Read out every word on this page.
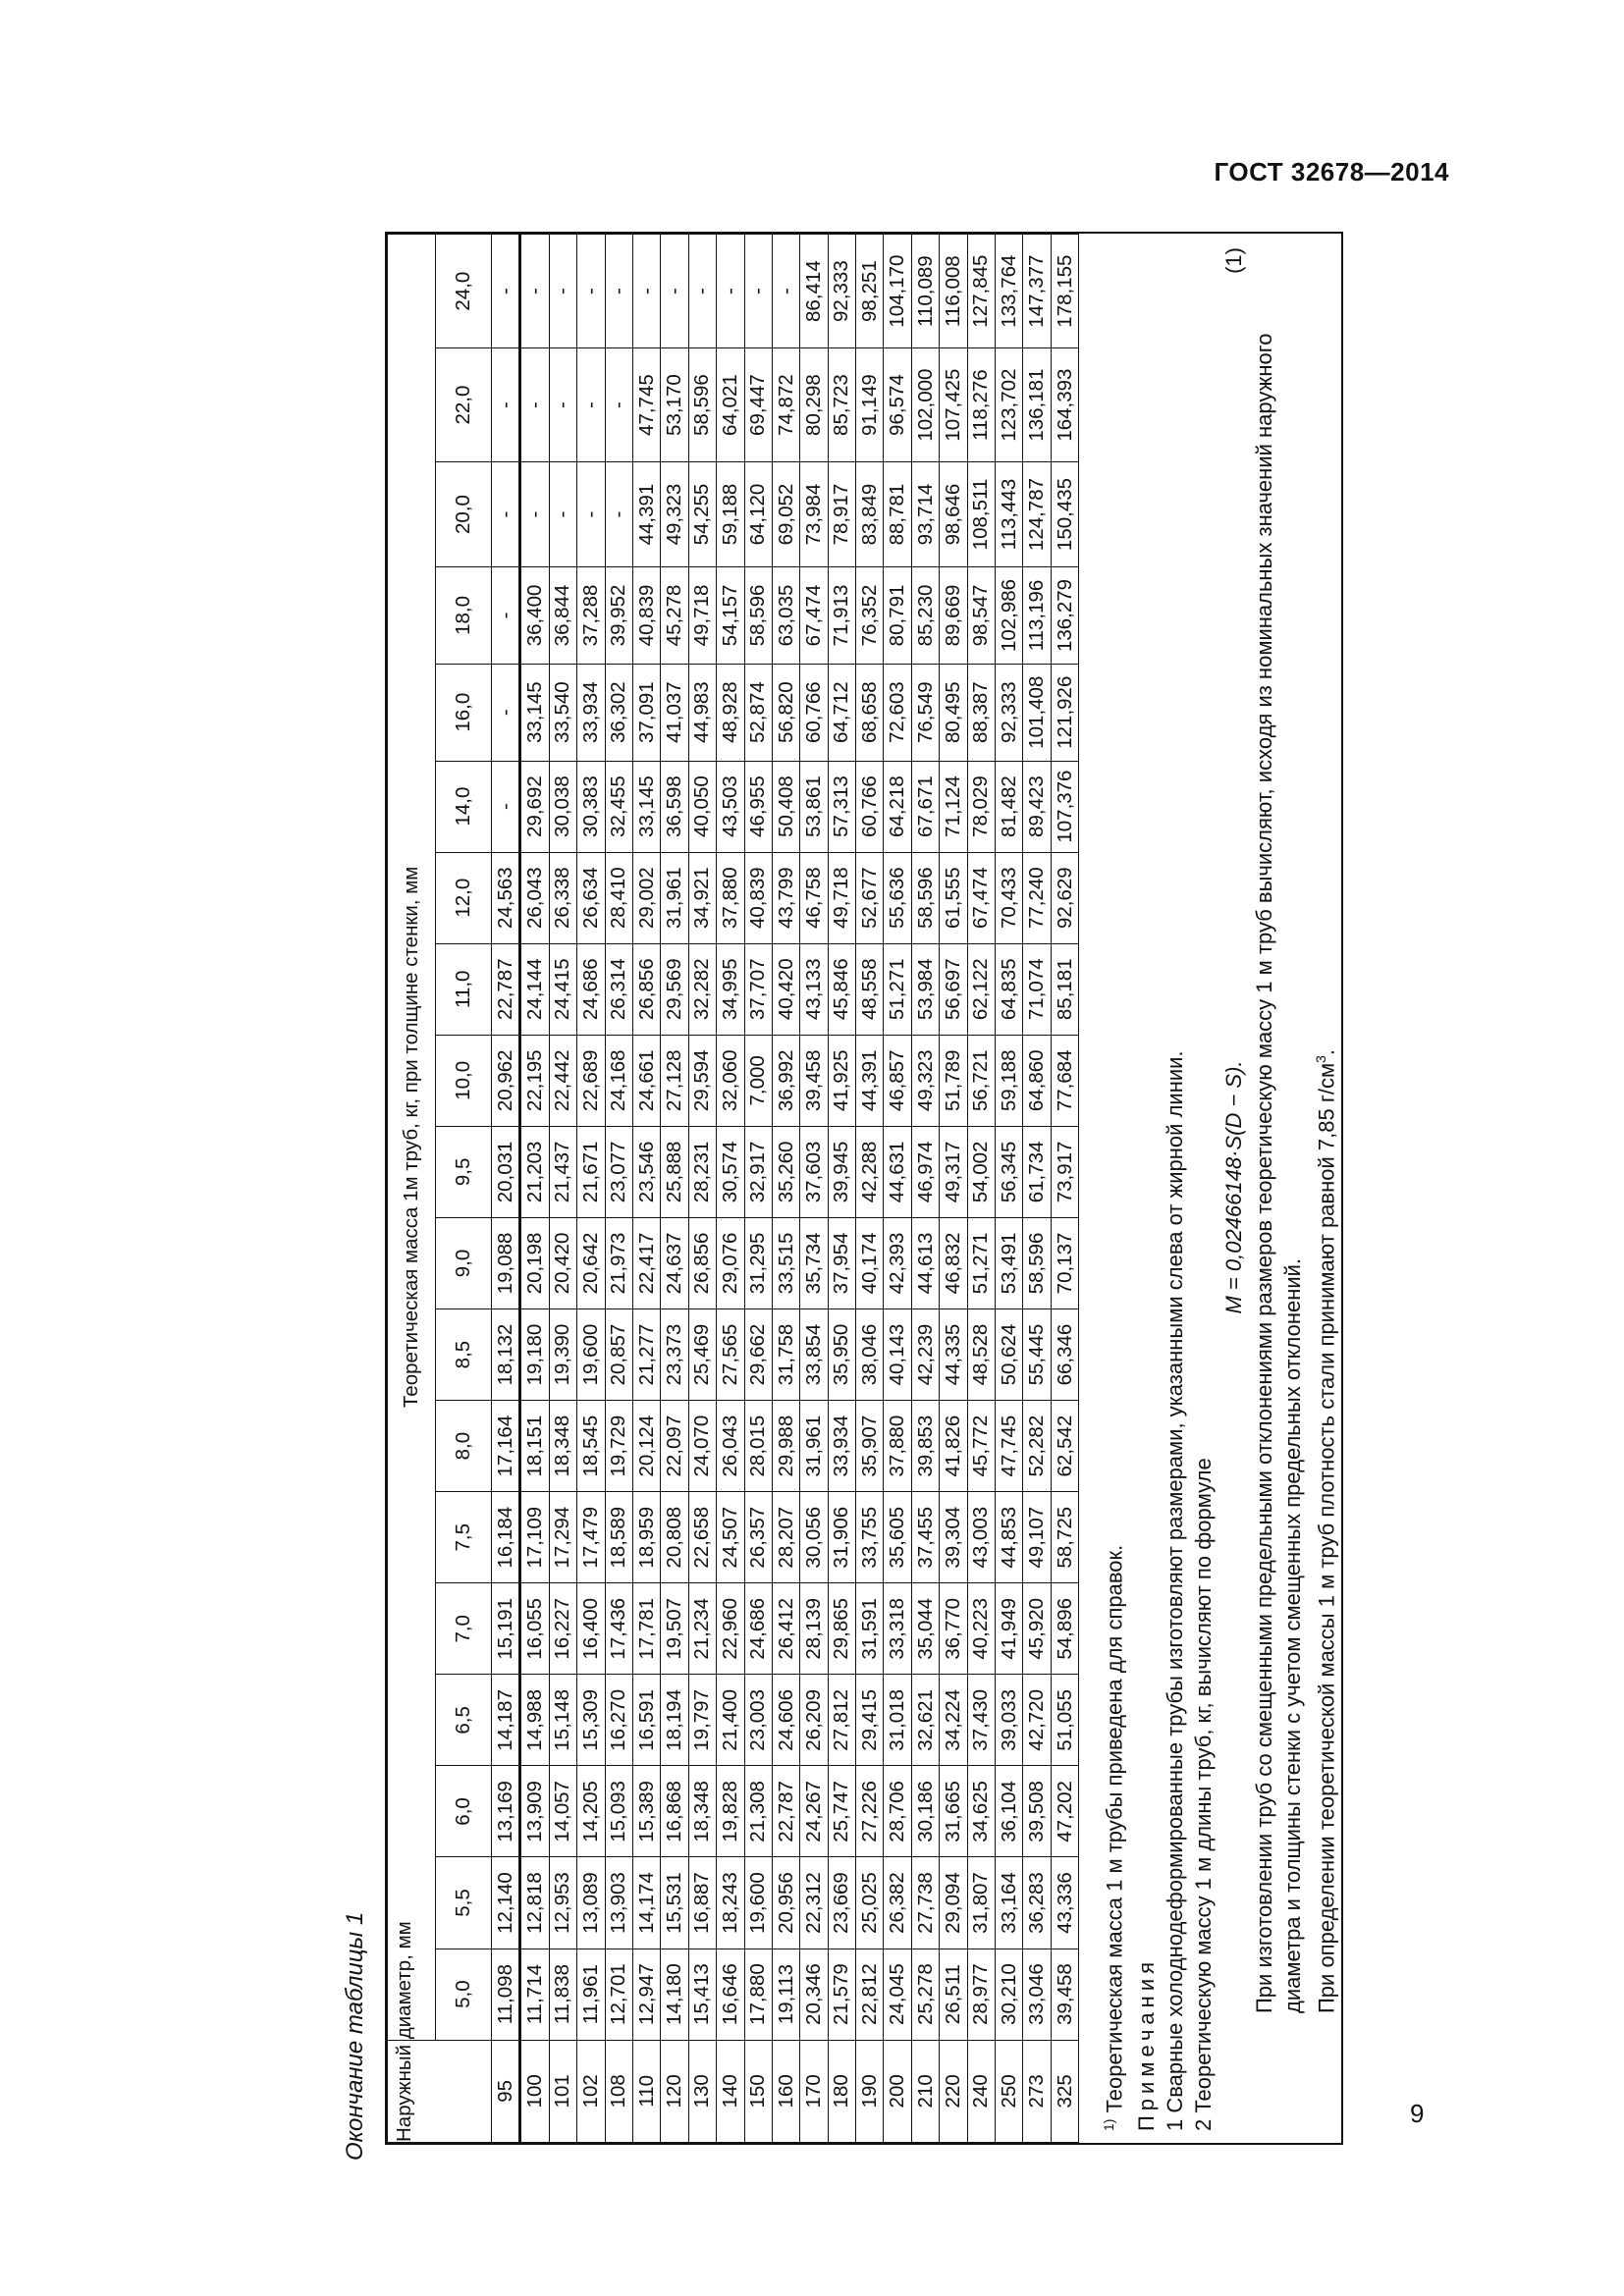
ГОСТ 32678—2014
Окончание таблицы 1	Наружный диаметр, мм	Теоретическая масса 1м труб, кг, при толщине стенки, мм																		
	5,0	5,5	6,0	6,5	7,0	7,5	8,0	8,5	9,0	9,5	10,0	11,0	12,0	14,0	16,0	18,0	20,0	22,0	24,0
95	11,098	12,140	13,169	14,187	15,191	16,184	17,164	18,132	19,088	20,031	20,962	22,787	24,563	-	-	-	-	-	-
100	11,714	12,818	13,909	14,988	16,055	17,109	18,151	19,180	20,198	21,203	22,195	24,144	26,043	29,692	33,145	36,400	-	-	-
101	11,838	12,953	14,057	15,148	16,227	17,294	18,348	19,390	20,420	21,437	22,442	24,415	26,338	30,038	33,540	36,844	-	-	-
102	11,961	13,089	14,205	15,309	16,400	17,479	18,545	19,600	20,642	21,671	22,689	24,686	26,634	30,383	33,934	37,288	-	-	-
108	12,701	13,903	15,093	16,270	17,436	18,589	19,729	20,857	21,973	23,077	24,168	26,314	28,410	32,455	36,302	39,952	-	-	-
110	12,947	14,174	15,389	16,591	17,781	18,959	20,124	21,277	22,417	23,546	24,661	26,856	29,002	33,145	37,091	40,839	44,391	47,745	-
120	14,180	15,531	16,868	18,194	19,507	20,808	22,097	23,373	24,637	25,888	27,128	29,569	31,961	36,598	41,037	45,278	49,323	53,170	-
130	15,413	16,887	18,348	19,797	21,234	22,658	24,070	25,469	26,856	28,231	29,594	32,282	34,921	40,050	44,983	49,718	54,255	58,596	-
140	16,646	18,243	19,828	21,400	22,960	24,507	26,043	27,565	29,076	30,574	32,060	34,995	37,880	43,503	48,928	54,157	59,188	64,021	-
150	17,880	19,600	21,308	23,003	24,686	26,357	28,015	29,662	31,295	32,917	7,000	37,707	40,839	46,955	52,874	58,596	64,120	69,447	-
160	19,113	20,956	22,787	24,606	26,412	28,207	29,988	31,758	33,515	35,260	36,992	40,420	43,799	50,408	56,820	63,035	69,052	74,872	-
170	20,346	22,312	24,267	26,209	28,139	30,056	31,961	33,854	35,734	37,603	39,458	43,133	46,758	53,861	60,766	67,474	73,984	80,298	86,414
180	21,579	23,669	25,747	27,812	29,865	31,906	33,934	35,950	37,954	39,945	41,925	45,846	49,718	57,313	64,712	71,913	78,917	85,723	92,333
190	22,812	25,025	27,226	29,415	31,591	33,755	35,907	38,046	40,174	42,288	44,391	48,558	52,677	60,766	68,658	76,352	83,849	91,149	98,251
200	24,045	26,382	28,706	31,018	33,318	35,605	37,880	40,143	42,393	44,631	46,857	51,271	55,636	64,218	72,603	80,791	88,781	96,574	104,170
210	25,278	27,738	30,186	32,621	35,044	37,455	39,853	42,239	44,613	46,974	49,323	53,984	58,596	67,671	76,549	85,230	93,714	102,000	110,089
220	26,511	29,094	31,665	34,224	36,770	39,304	41,826	44,335	46,832	49,317	51,789	56,697	61,555	71,124	80,495	89,669	98,646	107,425	116,008
240	28,977	31,807	34,625	37,430	40,223	43,003	45,772	48,528	51,271	54,002	56,721	62,122	67,474	78,029	88,387	98,547	108,511	118,276	127,845
250	30,210	33,164	36,104	39,033	41,949	44,853	47,745	50,624	53,491	56,345	59,188	64,835	70,433	81,482	92,333	102,986	113,443	123,702	133,764
273	33,046	36,283	39,508	42,720	45,920	49,107	52,282	55,445	58,596	61,734	64,860	71,074	77,240	89,423	101,408	113,196	124,787	136,181	147,377
325	39,458	43,336	47,202	51,055	54,896	58,725	62,542	66,346	70,137	73,917	77,684	85,181	92,629	107,376	121,926	136,279	150,435	164,393	178,155

$^{1)}$ Теоретическая масса 1 м трубы приведена для справок. Примечания 1 Сварные холоднодеформированные трубы изготовляют размерами, указанными слева от жирной линии. 2 Теоретическую массу 1 м длины труб, кг, вычисляют по формуле

M = 0,02466148·S(D − S).
(1)

При изготовлении труб со смещенными предельными отклонениями размеров теоретическую массу 1 м труб вычисляют, исходя из номинальных значений наружного диаметра и толщины стенки с учетом смещенных предельных отклонений. При определении теоретической массы 1 м труб плотность стали принимают равной 7,85 $г/см^3$.

9
